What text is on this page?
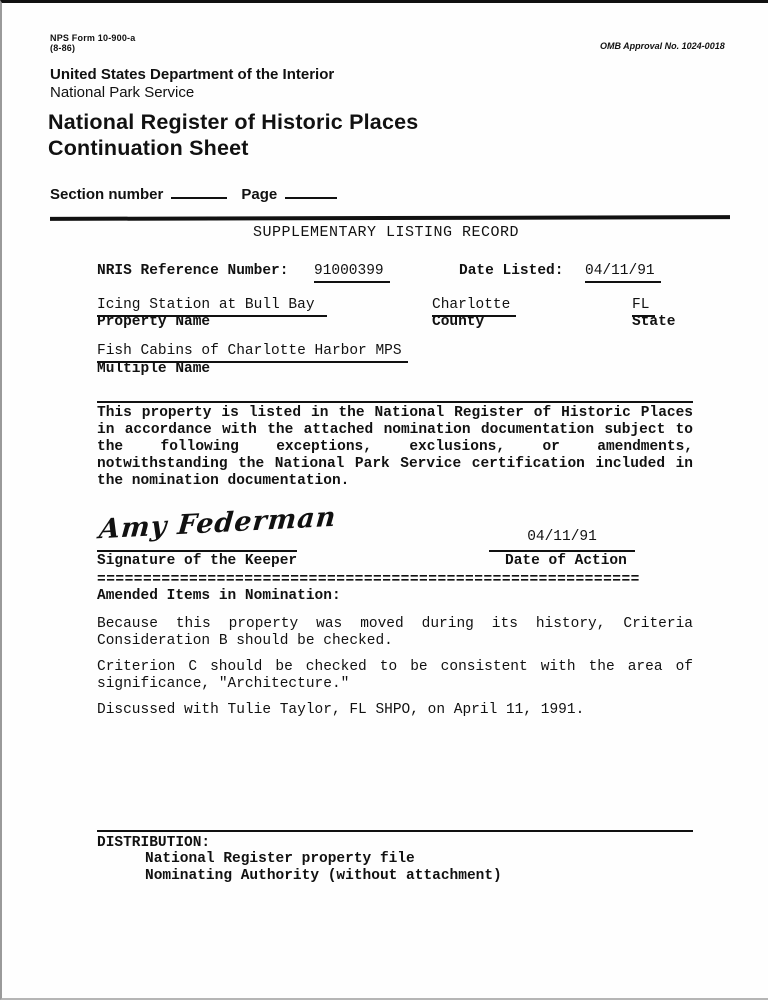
NPS Form 10-900-a
(8-86)	OMB Approval No. 1024-0018
United States Department of the Interior
National Park Service
National Register of Historic Places
Continuation Sheet
Section number	Page
SUPPLEMENTARY LISTING RECORD
NRIS Reference Number: 91000399	Date Listed: 04/11/91
Icing Station at Bull Bay
Property Name
Charlotte
County
FL
State
Fish Cabins of Charlotte Harbor MPS
Multiple Name
This property is listed in the National Register of Historic Places
in accordance with the attached nomination documentation subject to
the following exceptions, exclusions, or amendments,
notwithstanding the National Park Service certification included in
the nomination documentation.
Amy Federman
Signature of the Keeper
04/11/91
Date of Action
===========================================================
Amended Items in Nomination:
Because this property was moved during its history, Criteria
Consideration B should be checked.
Criterion C should be checked to be consistent with the area of
significance, "Architecture."
Discussed with Tulie Taylor, FL SHPO, on April 11, 1991.
DISTRIBUTION:
National Register property file
Nominating Authority (without attachment)
